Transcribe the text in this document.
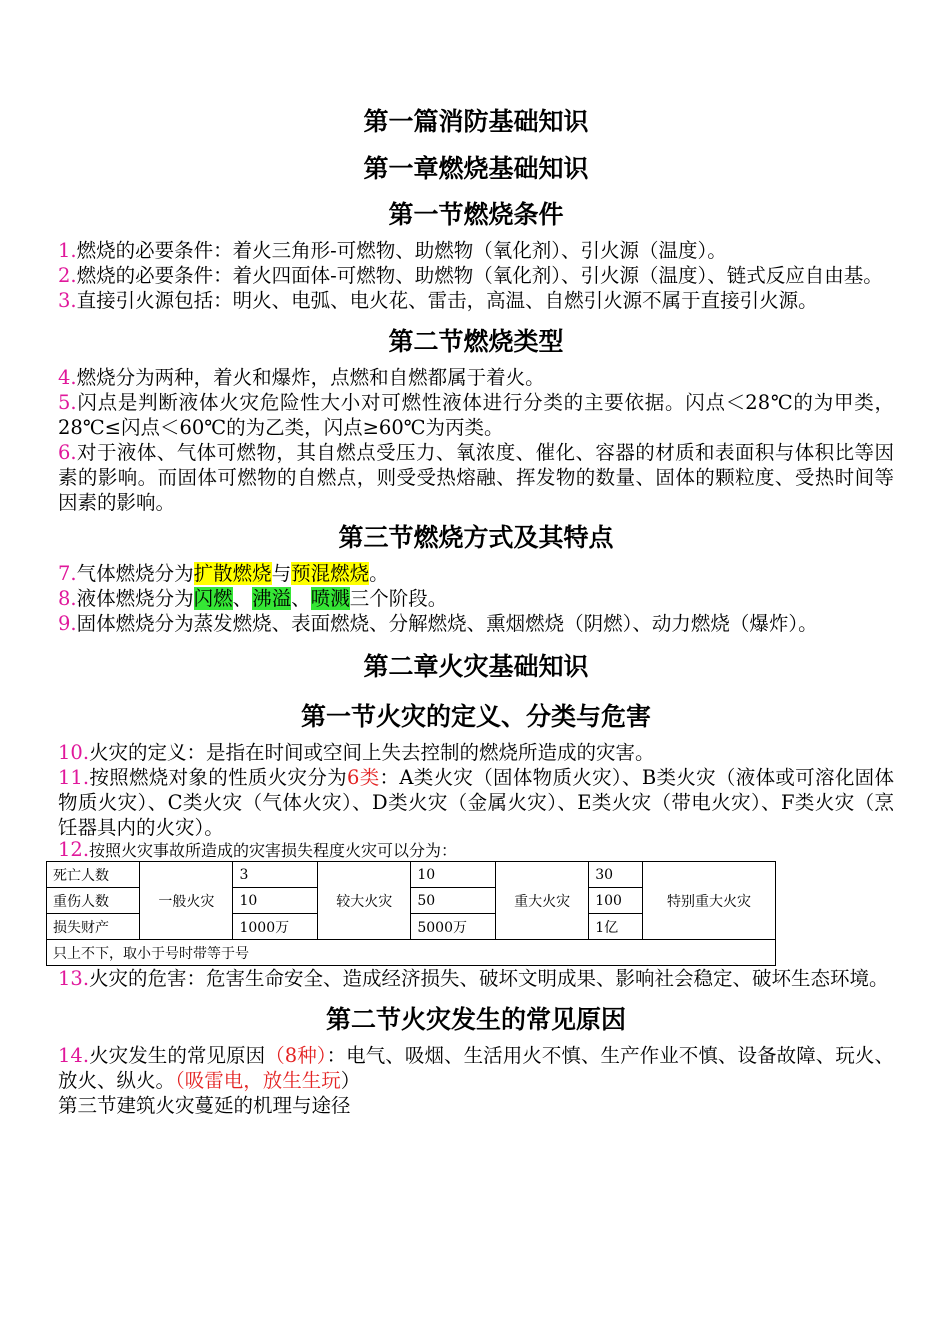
第一篇消防基础知识
第一章燃烧基础知识
第一节燃烧条件

1.燃烧的必要条件：着火三角形-可燃物、助燃物（氧化剂）、引火源（温度）。

2.燃烧的必要条件：着火四面体-可燃物、助燃物（氧化剂）、引火源（温度）、链式反应自由基。

3.直接引火源包括：明火、电弧、电火花、雷击，高温、自燃引火源不属于直接引火源。

第二节燃烧类型

4.燃烧分为两种，着火和爆炸，点燃和自燃都属于着火。

5.闪点是判断液体火灾危险性大小对可燃性液体进行分类的主要依据。闪点＜28℃的为甲类，28℃≤闪点＜60℃的为乙类，闪点≥60℃为丙类。

6.对于液体、气体可燃物，其自燃点受压力、氧浓度、催化、容器的材质和表面积与体积比等因素的影响。而固体可燃物的自燃点，则受受热熔融、挥发物的数量、固体的颗粒度、受热时间等因素的影响。

第三节燃烧方式及其特点

7.气体燃烧分为扩散燃烧与预混燃烧。

8.液体燃烧分为闪燃、沸溢、喷溅三个阶段。

9.固体燃烧分为蒸发燃烧、表面燃烧、分解燃烧、熏烟燃烧（阴燃）、动力燃烧（爆炸）。

第二章火灾基础知识
第一节火灾的定义、分类与危害

10.火灾的定义：是指在时间或空间上失去控制的燃烧所造成的灾害。

11.按照燃烧对象的性质火灾分为6类：A类火灾（固体物质火灾）、B类火灾（液体或可溶化固体物质火灾）、C类火灾（气体火灾）、D类火灾（金属火灾）、E类火灾（带电火灾）、F类火灾（烹饪器具内的火灾）。

12.按照火灾事故所造成的灾害损失程度火灾可以分为：

死亡人数	一般火灾	3	较大火灾	10	重大火灾	30	特别重大火灾
重伤人数		10		50		100	
损失财产		1000万		5000万		1亿	
只上不下，取小于号时带等于号							

13.火灾的危害：危害生命安全、造成经济损失、破坏文明成果、影响社会稳定、破坏生态环境。

第二节火灾发生的常见原因

14.火灾发生的常见原因（8种）：电气、吸烟、生活用火不慎、生产作业不慎、设备故障、玩火、放火、纵火。（吸雷电，放生生玩）

第三节建筑火灾蔓延的机理与途径
